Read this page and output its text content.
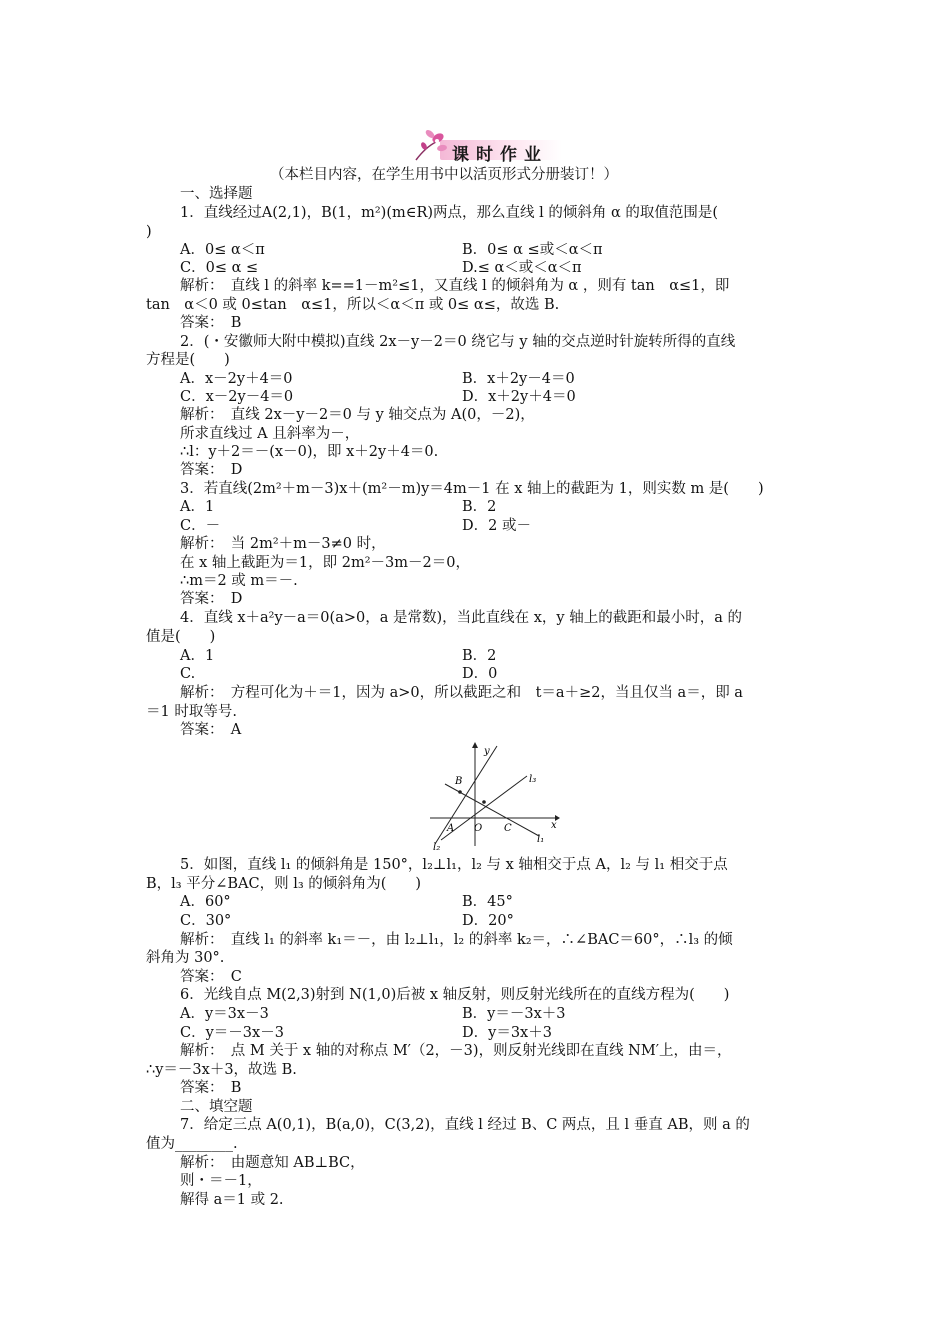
课时作业
（本栏目内容，在学生用书中以活页形式分册装订！）
一、选择题
1．直线经过A(2,1)，B(1，m²)(m∈R)两点，那么直线 l 的倾斜角 α 的取值范围是(
)
A．0≤ α＜π	B．0≤ α ≤或＜α＜π
C．0≤ α ≤	D.≤ α＜或＜α＜π
解析：　直线 l 的斜率 k==1－m²≤1，又直线 l 的倾斜角为 α ，则有 tan　α≤1，即
tan　α＜0 或 0≤tan　α≤1，所以＜α＜π 或 0≤ α≤，故选 B.
答案：　B
2．(・安徽师大附中模拟)直线 2x－y－2＝0 绕它与 y 轴的交点逆时针旋转所得的直线
方程是(　　)
A．x－2y＋4＝0	B．x＋2y－4＝0
C．x－2y－4＝0	D．x＋2y＋4＝0
解析：　直线 2x－y－2＝0 与 y 轴交点为 A(0，－2)，
所求直线过 A 且斜率为－，
∴l：y＋2＝－(x－0)，即 x＋2y＋4＝0.
答案：　D
3．若直线(2m²＋m－3)x＋(m²－m)y＝4m－1 在 x 轴上的截距为 1，则实数 m 是(　　)
A．1	B．2
C．－	D．2 或－
解析：　当 2m²＋m－3≠0 时，
在 x 轴上截距为＝1，即 2m²－3m－2＝0，
∴m＝2 或 m＝－.
答案：　D
4．直线 x＋a²y－a＝0(a>0，a 是常数)，当此直线在 x，y 轴上的截距和最小时，a 的
值是(　　)
A．1	B．2
C.	D．0
解析：　方程可化为＋＝1，因为 a>0，所以截距之和　t＝a＋≥2，当且仅当 a＝，即 a
＝1 时取等号.
答案：　A
y
x
B	l₃
A O C
l₁
l₂
5．如图，直线 l₁ 的倾斜角是 150°，l₂⊥l₁，l₂ 与 x 轴相交于点 A，l₂ 与 l₁ 相交于点
B，l₃ 平分∠BAC，则 l₃ 的倾斜角为(　　)
A．60°	B．45°
C．30°	D．20°
解析：　直线 l₁ 的斜率 k₁＝－，由 l₂⊥l₁，l₂ 的斜率 k₂＝，∴∠BAC＝60°，∴l₃ 的倾
斜角为 30°.
答案：　C
6．光线自点 M(2,3)射到 N(1,0)后被 x 轴反射，则反射光线所在的直线方程为(　　)
A．y＝3x－3	B．y＝－3x＋3
C．y＝－3x－3	D．y＝3x＋3
解析：　点 M 关于 x 轴的对称点 M′（2，－3)，则反射光线即在直线 NM′上，由＝，
∴y＝－3x＋3，故选 B.
答案：　B
二、填空题
7．给定三点 A(0,1)，B(a,0)，C(3,2)，直线 l 经过 B、C 两点，且 l 垂直 AB，则 a 的
值为________.
解析：　由题意知 AB⊥BC，
则・＝－1，
解得 a＝1 或 2.
